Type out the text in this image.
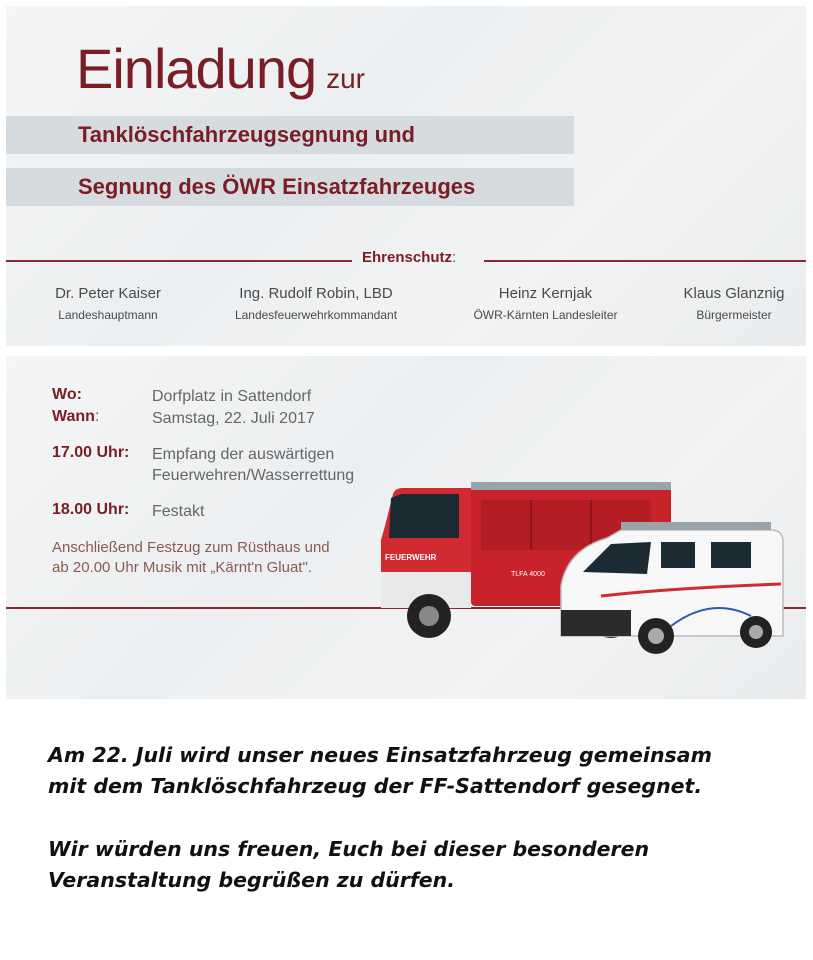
Einladung zur
Tanklöschfahrzeugsegnung und
Segnung des ÖWR Einsatzfahrzeuges
Ehrenschutz:
Dr. Peter Kaiser
Landeshauptmann
Ing. Rudolf Robin, LBD
Landesfeuerwehrkommandant
Heinz Kernjak
ÖWR-Kärnten Landesleiter
Klaus Glanznig
Bürgermeister
Wo:	Dorfplatz in Sattendorf
Wann:	Samstag, 22. Juli 2017
17.00 Uhr: Empfang der auswärtigen
Feuerwehren/Wasserrettung
18.00 Uhr: Festakt
Anschließend Festzug zum Rüsthaus und
ab 20.00 Uhr Musik mit „Kärnt'n Gluat".
FEUERWEHR
TLFA 4000
Am 22. Juli wird unser neues Einsatzfahrzeug gemeinsam
mit dem Tanklöschfahrzeug der FF-Sattendorf gesegnet.
Wir würden uns freuen, Euch bei dieser besonderen
Veranstaltung begrüßen zu dürfen.
